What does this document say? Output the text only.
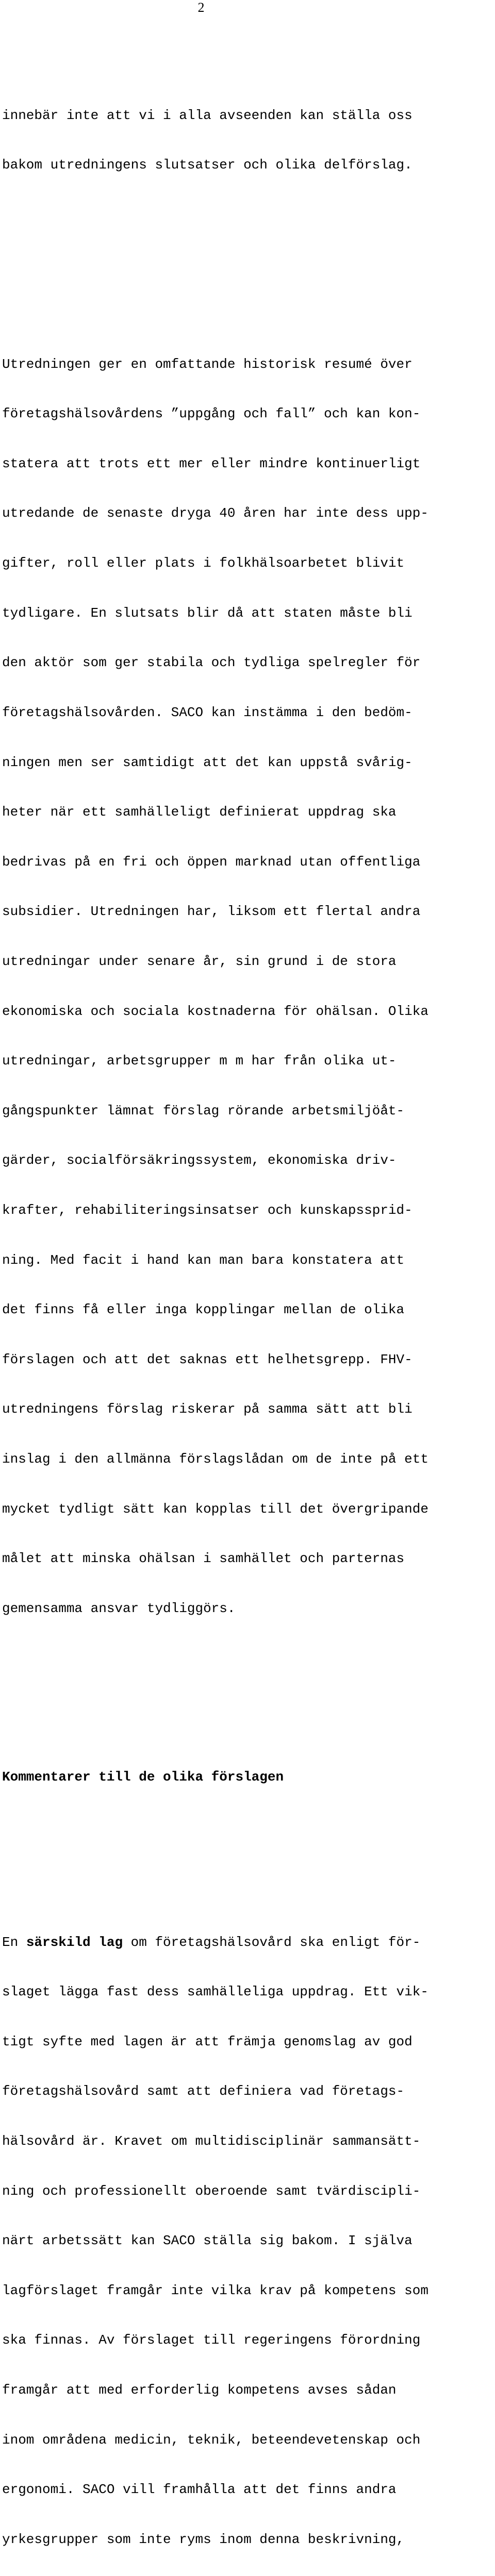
2

innebär inte att vi i alla avseenden kan ställa oss

bakom utredningens slutsatser och olika delförslag.

Utredningen ger en omfattande historisk resumé över

företagshälsovårdens ”uppgång och fall” och kan kon-

statera att trots ett mer eller mindre kontinuerligt

utredande de senaste dryga 40 åren har inte dess upp-

gifter, roll eller plats i folkhälsoarbetet blivit

tydligare. En slutsats blir då att staten måste bli

den aktör som ger stabila och tydliga spelregler för

företagshälsovården. SACO kan instämma i den bedöm-

ningen men ser samtidigt att det kan uppstå svårig-

heter när ett samhälleligt definierat uppdrag ska

bedrivas på en fri och öppen marknad utan offentliga

subsidier. Utredningen har, liksom ett flertal andra

utredningar under senare år, sin grund i de stora

ekonomiska och sociala kostnaderna för ohälsan. Olika

utredningar, arbetsgrupper m m har från olika ut-

gångspunkter lämnat förslag rörande arbetsmiljöåt-

gärder, socialförsäkringssystem, ekonomiska driv-

krafter, rehabiliteringsinsatser och kunskapssprid-

ning. Med facit i hand kan man bara konstatera att

det finns få eller inga kopplingar mellan de olika

förslagen och att det saknas ett helhetsgrepp. FHV-

utredningens förslag riskerar på samma sätt att bli

inslag i den allmänna förslagslådan om de inte på ett

mycket tydligt sätt kan kopplas till det övergripande

målet att minska ohälsan i samhället och parternas

gemensamma ansvar tydliggörs.

Kommentarer till de olika förslagen

En särskild lag om företagshälsovård ska enligt för-

slaget lägga fast dess samhälleliga uppdrag. Ett vik-

tigt syfte med lagen är att främja genomslag av god

företagshälsovård samt att definiera vad företags-

hälsovård är. Kravet om multidisciplinär sammansätt-

ning och professionellt oberoende samt tvärdiscipli-

närt arbetssätt kan SACO ställa sig bakom. I själva

lagförslaget framgår inte vilka krav på kompetens som

ska finnas. Av förslaget till regeringens förordning

framgår att med erforderlig kompetens avses sådan

inom områdena medicin, teknik, beteendevetenskap och

ergonomi. SACO vill framhålla att det finns andra

yrkesgrupper som inte ryms inom denna beskrivning,
